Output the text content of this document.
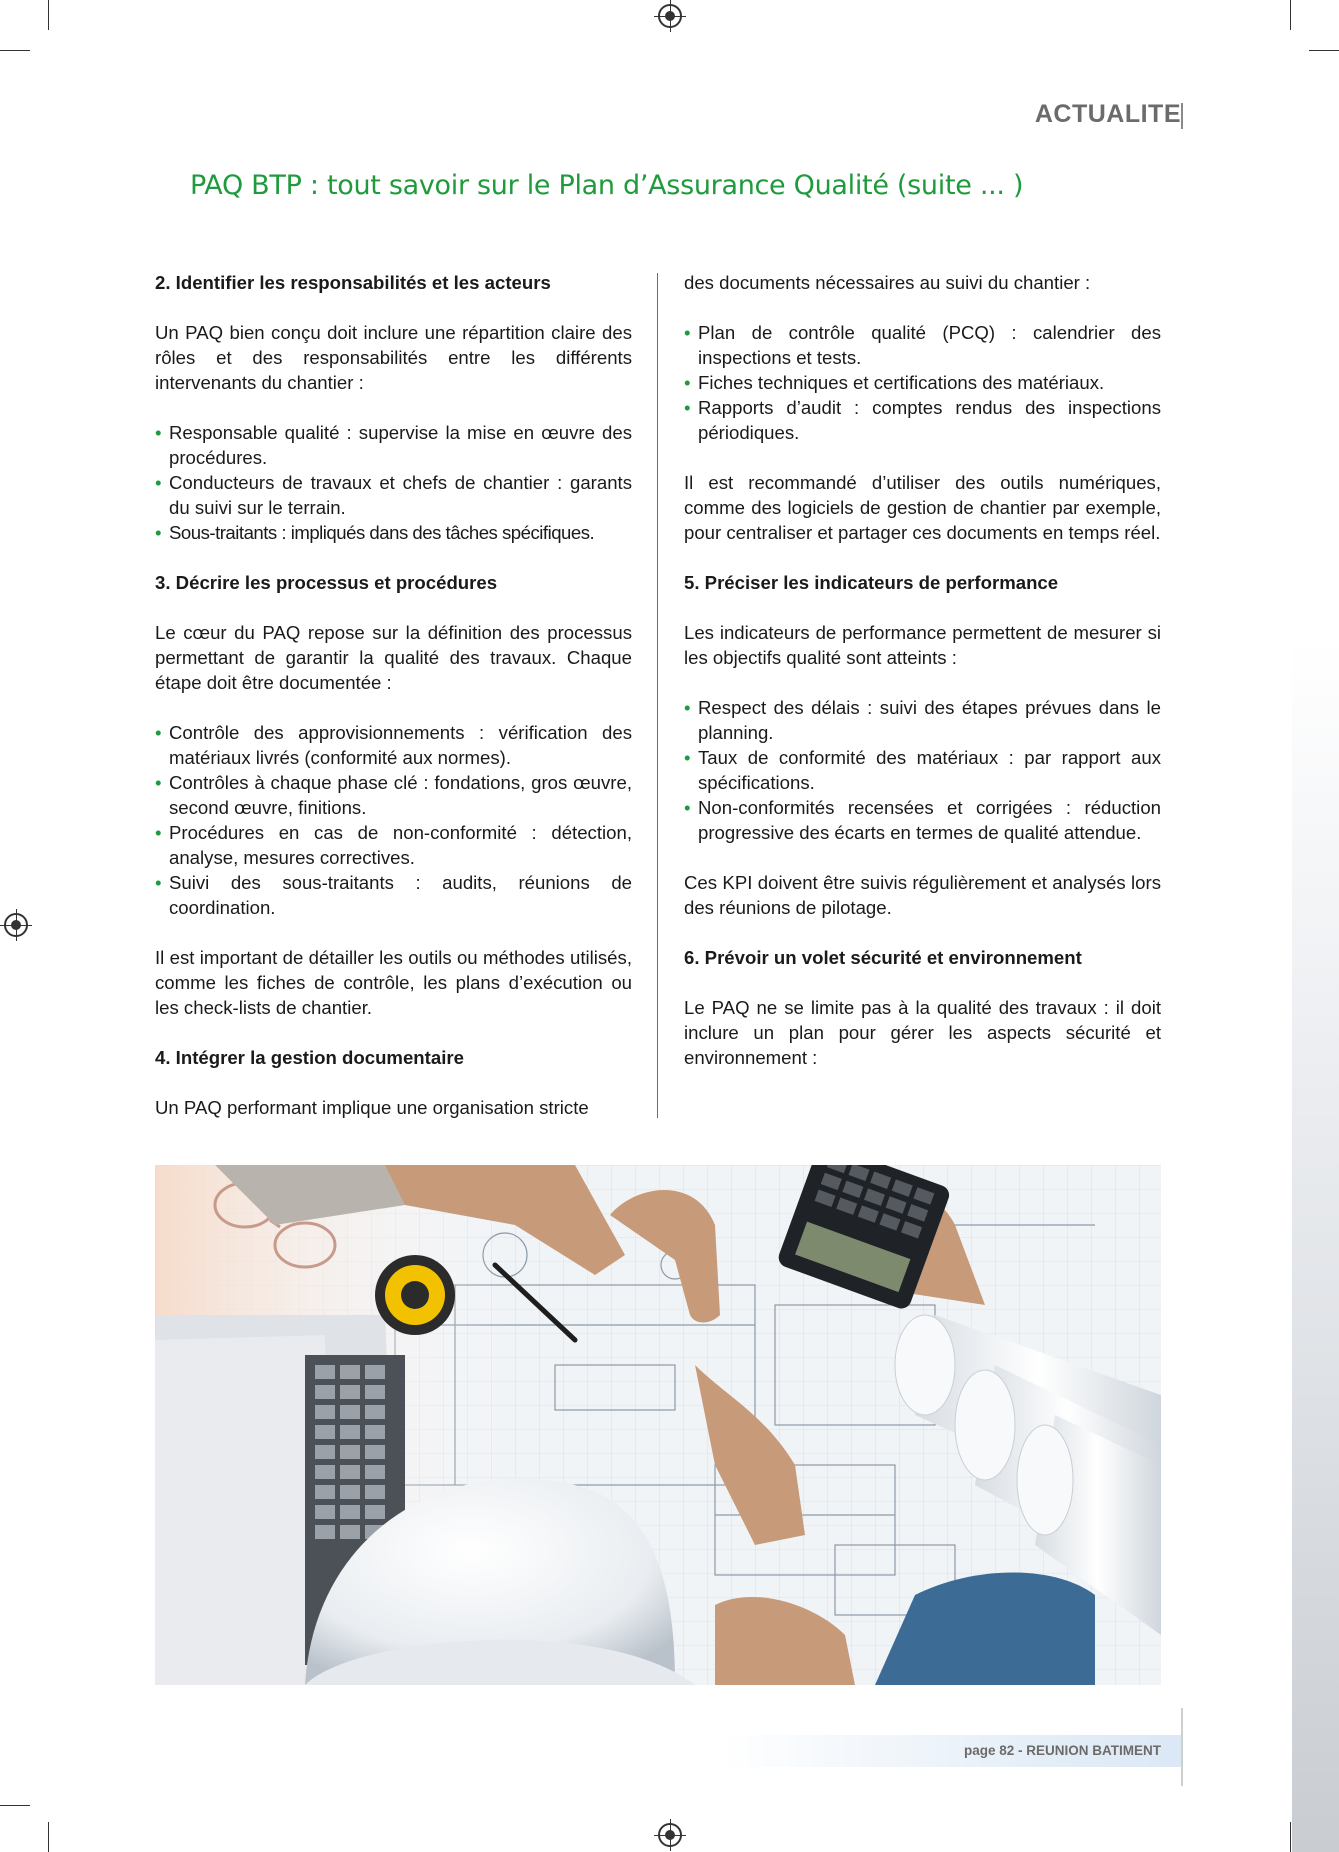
ACTUALITE
PAQ BTP : tout savoir sur le Plan d’Assurance Qualité (suite ... )
2. Identifier les responsabilités et les acteurs

Un PAQ bien conçu doit inclure une répartition claire des rôles et des responsabilités entre les différents intervenants du chantier :

• Responsable qualité : supervise la mise en œuvre des procédures.
• Conducteurs de travaux et chefs de chantier : garants du suivi sur le terrain.
• Sous-traitants : impliqués dans des tâches spécifiques.
3. Décrire les processus et procédures

Le cœur du PAQ repose sur la définition des processus permettant de garantir la qualité des travaux. Chaque étape doit être documentée :

• Contrôle des approvisionnements : vérification des matériaux livrés (conformité aux normes).
• Contrôles à chaque phase clé : fondations, gros œuvre, second œuvre, finitions.
• Procédures en cas de non-conformité : détection, analyse, mesures correctives.
• Suivi des sous-traitants : audits, réunions de coordination.

Il est important de détailler les outils ou méthodes utilisés, comme les fiches de contrôle, les plans d’exécution ou les check-lists de chantier.

4. Intégrer la gestion documentaire

Un PAQ performant implique une organisation stricte

des documents nécessaires au suivi du chantier :

• Plan de contrôle qualité (PCQ) : calendrier des inspections et tests.
• Fiches techniques et certifications des matériaux.
• Rapports d’audit : comptes rendus des inspections périodiques.

Il est recommandé d’utiliser des outils numériques, comme des logiciels de gestion de chantier par exemple, pour centraliser et partager ces documents en temps réel.

5. Préciser les indicateurs de performance

Les indicateurs de performance permettent de mesurer si les objectifs qualité sont atteints :

• Respect des délais : suivi des étapes prévues dans le planning.
• Taux de conformité des matériaux : par rapport aux spécifications.
• Non-conformités recensées et corrigées : réduction progressive des écarts en termes de qualité attendue.

Ces KPI doivent être suivis régulièrement et analysés lors des réunions de pilotage.

6. Prévoir un volet sécurité et environnement

Le PAQ ne se limite pas à la qualité des travaux : il doit inclure un plan pour gérer les aspects sécurité et environnement :

page 82 - REUNION BATIMENT
